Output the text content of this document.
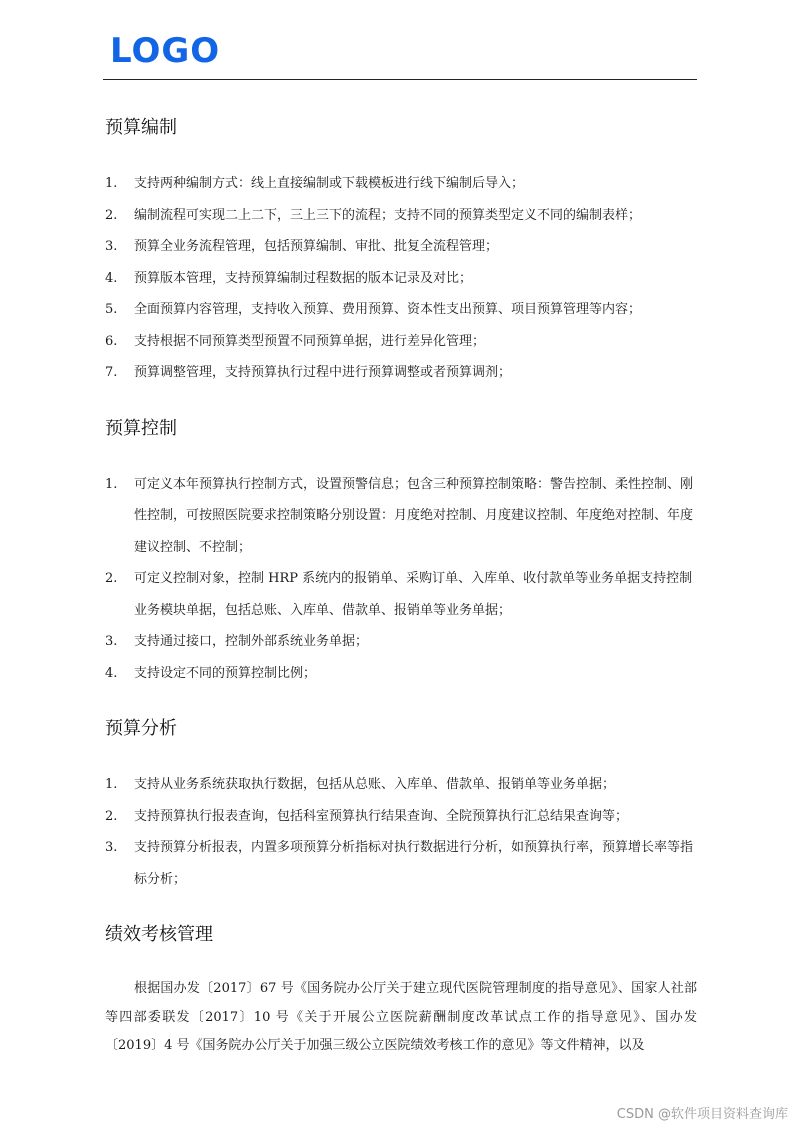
LOGO
预算编制
1. 支持两种编制方式：线上直接编制或下载模板进行线下编制后导入；
2. 编制流程可实现二上二下，三上三下的流程；支持不同的预算类型定义不同的编制表样；
3. 预算全业务流程管理，包括预算编制、审批、批复全流程管理；
4. 预算版本管理，支持预算编制过程数据的版本记录及对比；
5. 全面预算内容管理，支持收入预算、费用预算、资本性支出预算、项目预算管理等内容；
6. 支持根据不同预算类型预置不同预算单据，进行差异化管理；
7. 预算调整管理，支持预算执行过程中进行预算调整或者预算调剂；
预算控制
1. 可定义本年预算执行控制方式，设置预警信息；包含三种预算控制策略：警告控制、柔性控制、刚性控制，可按照医院要求控制策略分别设置：月度绝对控制、月度建议控制、年度绝对控制、年度建议控制、不控制；
2. 可定义控制对象，控制 HRP 系统内的报销单、采购订单、入库单、收付款单等业务单据支持控制业务模块单据，包括总账、入库单、借款单、报销单等业务单据；
3. 支持通过接口，控制外部系统业务单据；
4. 支持设定不同的预算控制比例；
预算分析
1. 支持从业务系统获取执行数据，包括从总账、入库单、借款单、报销单等业务单据；
2. 支持预算执行报表查询，包括科室预算执行结果查询、全院预算执行汇总结果查询等；
3. 支持预算分析报表，内置多项预算分析指标对执行数据进行分析，如预算执行率，预算增长率等指标分析；
绩效考核管理

根据国办发〔2017〕67 号《国务院办公厅关于建立现代医院管理制度的指导意见》、国家人社部等四部委联发〔2017〕10 号《关于开展公立医院薪酬制度改革试点工作的指导意见》、国办发〔2019〕4 号《国务院办公厅关于加强三级公立医院绩效考核工作的意见》等文件精神，以及

CSDN @软件项目资料查询库
